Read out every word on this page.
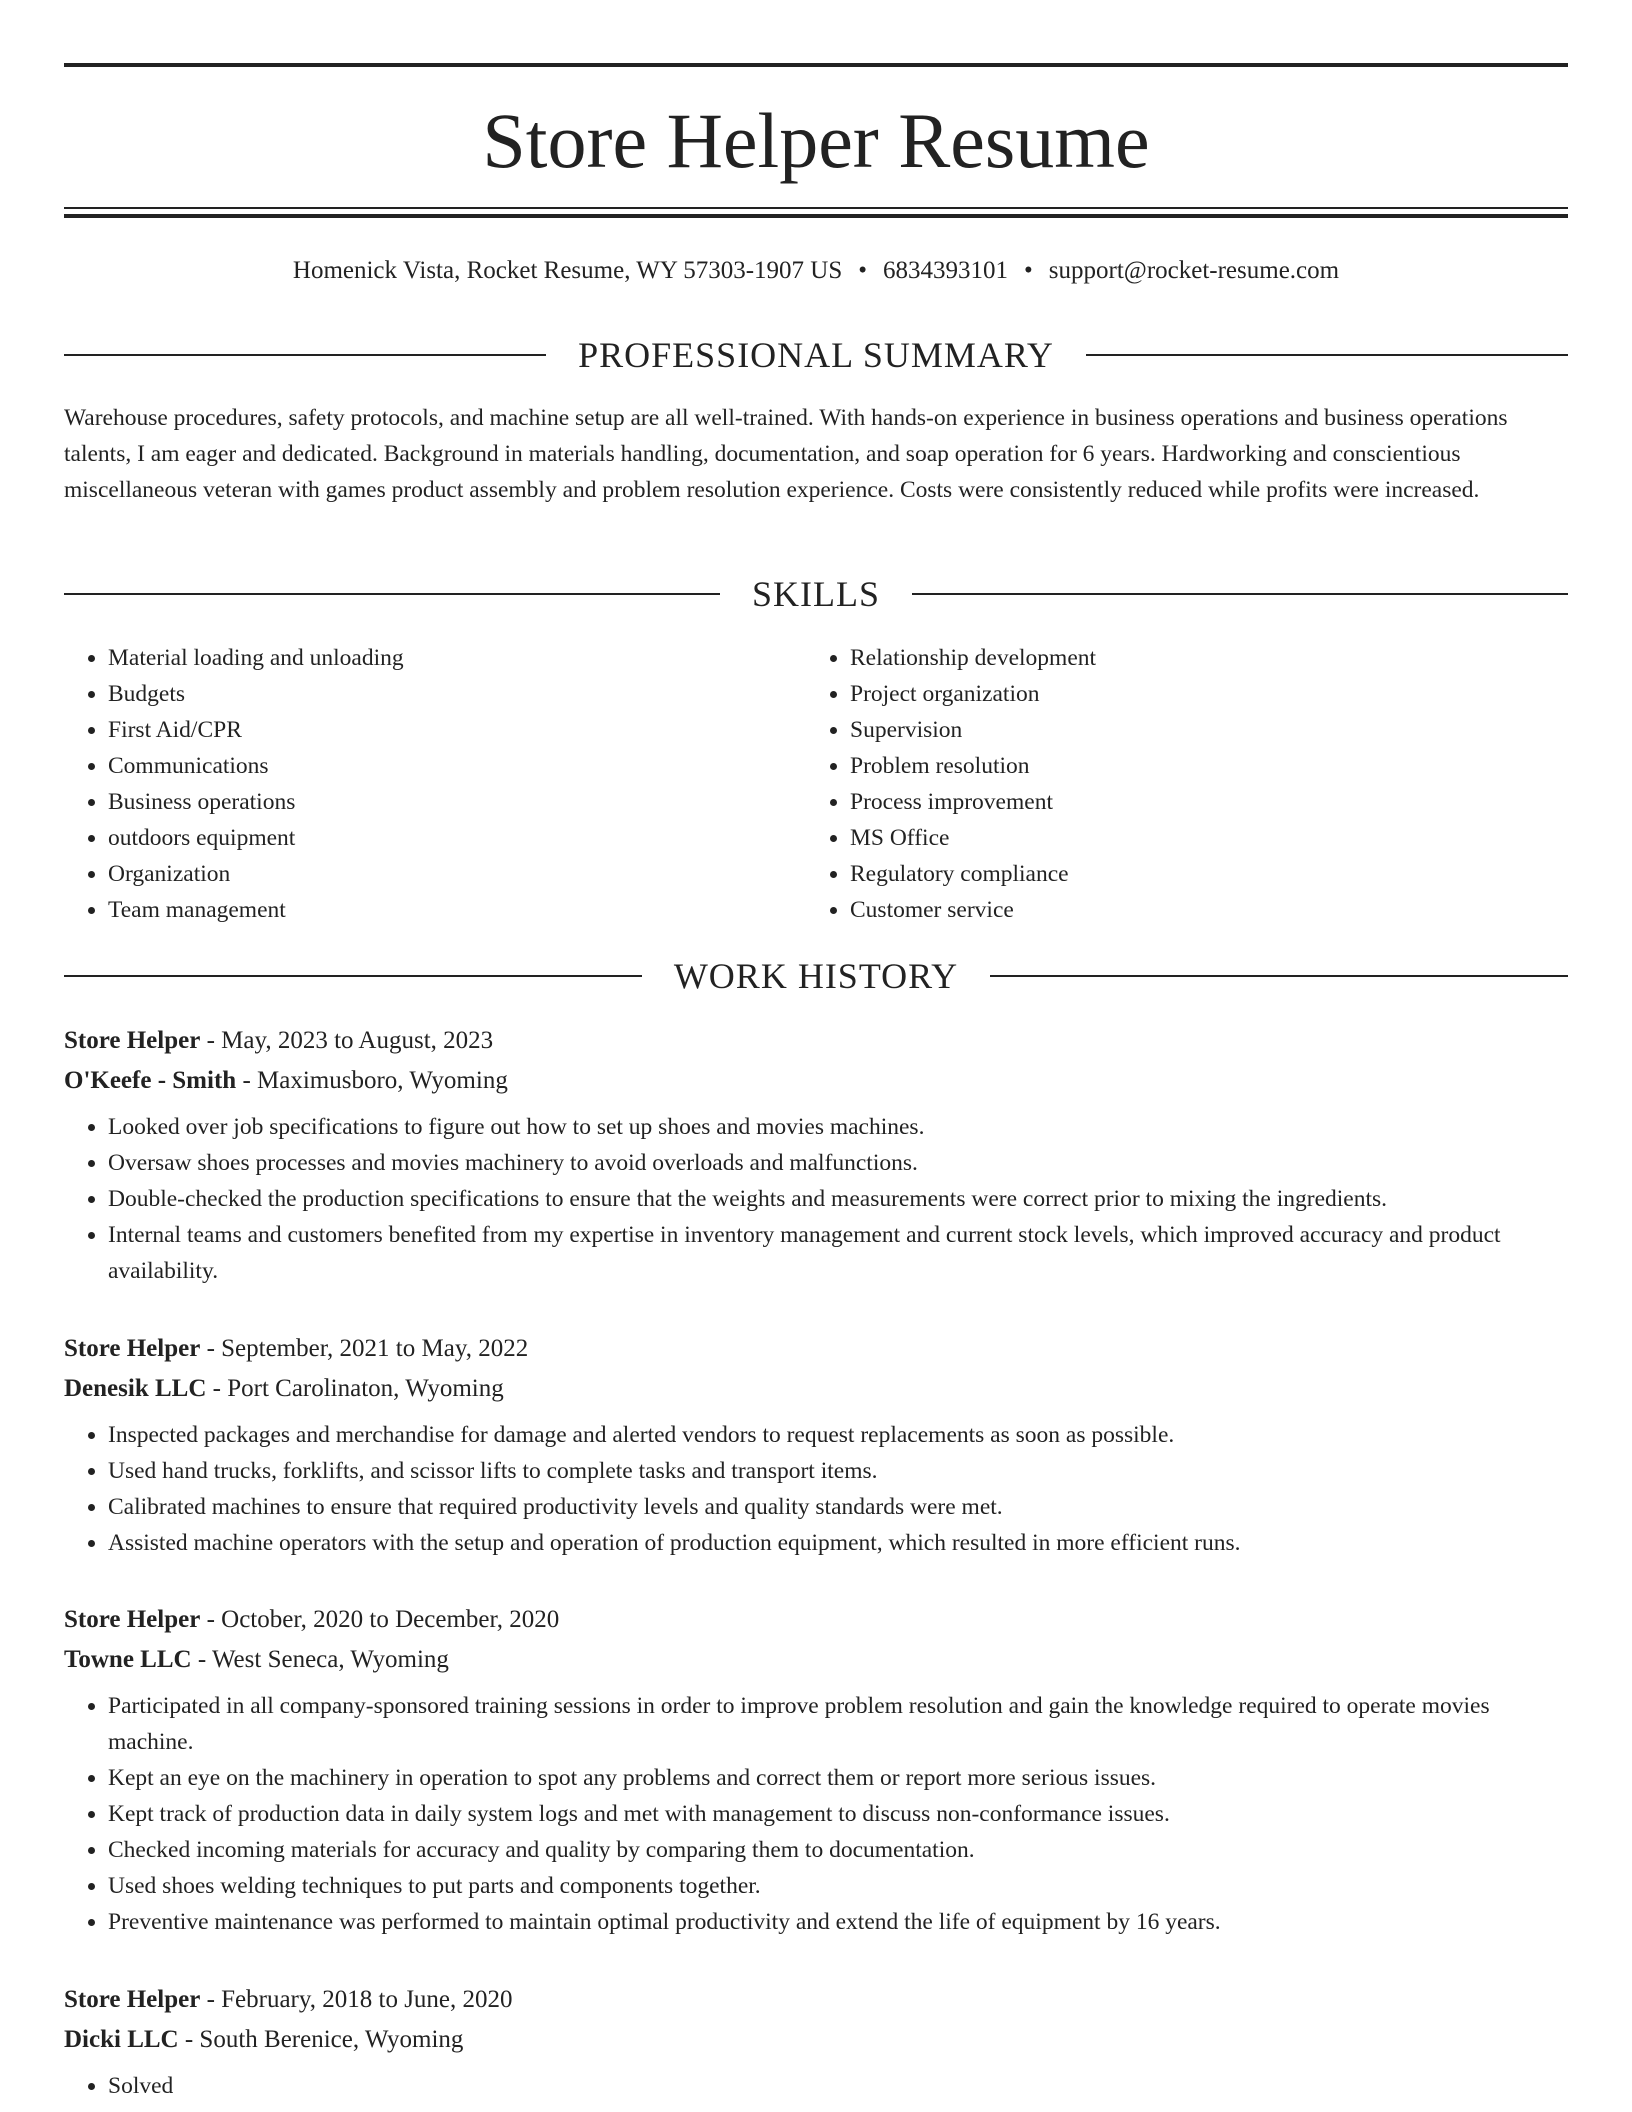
Store Helper Resume
Homenick Vista, Rocket Resume, WY 57303-1907 US • 6834393101 • support@rocket-resume.com
PROFESSIONAL SUMMARY

Warehouse procedures, safety protocols, and machine setup are all well-trained. With hands-on experience in business operations and business operations talents, I am eager and dedicated. Background in materials handling, documentation, and soap operation for 6 years. Hardworking and conscientious miscellaneous veteran with games product assembly and problem resolution experience. Costs were consistently reduced while profits were increased.

SKILLS
• Material loading and unloading
• Budgets
• First Aid/CPR
• Communications
• Business operations
• outdoors equipment
• Organization
• Team management
• Relationship development
• Project organization
• Supervision
• Problem resolution
• Process improvement
• MS Office
• Regulatory compliance
• Customer service
WORK HISTORY
Store Helper - May, 2023 to August, 2023
O'Keefe - Smith - Maximusboro, Wyoming
• Looked over job specifications to figure out how to set up shoes and movies machines.
• Oversaw shoes processes and movies machinery to avoid overloads and malfunctions.
• Double-checked the production specifications to ensure that the weights and measurements were correct prior to mixing the ingredients.
• Internal teams and customers benefited from my expertise in inventory management and current stock levels, which improved accuracy and product availability.
Store Helper - September, 2021 to May, 2022
Denesik LLC - Port Carolinaton, Wyoming
• Inspected packages and merchandise for damage and alerted vendors to request replacements as soon as possible.
• Used hand trucks, forklifts, and scissor lifts to complete tasks and transport items.
• Calibrated machines to ensure that required productivity levels and quality standards were met.
• Assisted machine operators with the setup and operation of production equipment, which resulted in more efficient runs.
Store Helper - October, 2020 to December, 2020
Towne LLC - West Seneca, Wyoming
• Participated in all company-sponsored training sessions in order to improve problem resolution and gain the knowledge required to operate movies machine.
• Kept an eye on the machinery in operation to spot any problems and correct them or report more serious issues.
• Kept track of production data in daily system logs and met with management to discuss non-conformance issues.
• Checked incoming materials for accuracy and quality by comparing them to documentation.
• Used shoes welding techniques to put parts and components together.
• Preventive maintenance was performed to maintain optimal productivity and extend the life of equipment by 16 years.
Store Helper - February, 2018 to June, 2020
Dicki LLC - South Berenice, Wyoming
• Solved
